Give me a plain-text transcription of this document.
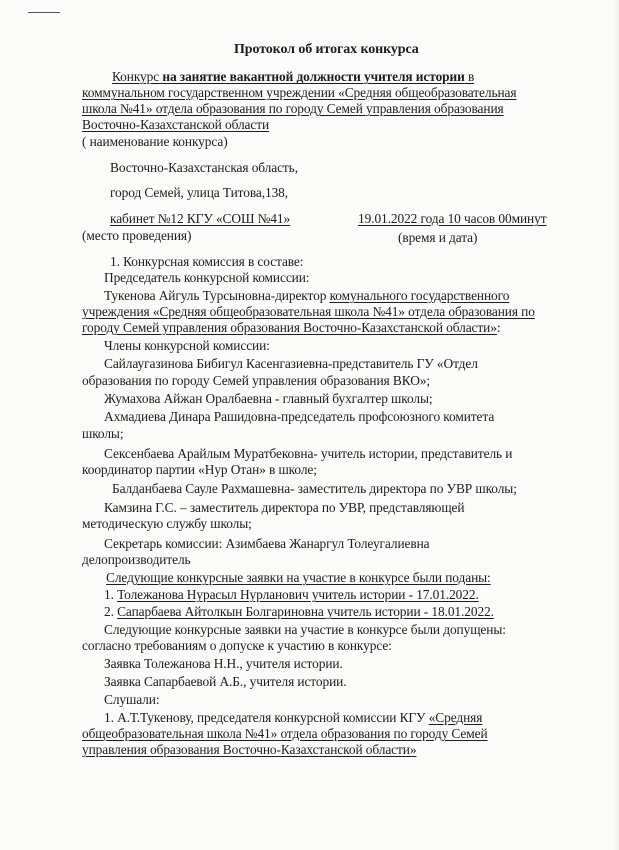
Протокол об итогах конкурса
Конкурс на занятие вакантной должности учителя истории в
коммунальном государственном учреждении «Средняя общеобразовательная
школа №41» отдела образования по городу Семей управления образования
Восточно-Казахстанской области
( наименование конкурса)
Восточно-Казахстанская область,
город Семей, улица Титова,138,
кабинет №12 КГУ «СОШ №41»	19.01.2022 года 10 часов 00минут
(место проведения)	(время и дата)
1. Конкурсная комиссия в составе:
Председатель конкурсной комиссии:
Тукенова Айгуль Турсыновна-директор комунального государственного
учреждения «Средняя общеобразовательная школа №41» отдела образования по
городу Семей управления образования Восточно-Казахстанской области»:
Члены конкурсной комиссии:
Сайлаугазинова Бибигул Касенгазиевна-представитель ГУ «Отдел
образования по городу Семей управления образования ВКО»;
Жумахова Айжан Оралбаевна - главный бухгалтер школы;
Ахмадиева Динара Рашидовна-председатель профсоюзного комитета
школы;
Сексенбаева Арайлым Муратбековна- учитель истории, представитель и
координатор партии «Нур Отан» в школе;
Балданбаева Сауле Рахмашевна- заместитель директора по УВР школы;
Камзина Г.С. – заместитель директора по УВР, представляющей
методическую службу школы;
Секретарь комиссии: Азимбаева Жанаргул Толеугалиевна
делопроизводитель
Следующие конкурсные заявки на участие в конкурсе были поданы:
1. Толежанова Нурасыл Нурланович учитель истории - 17.01.2022.
2. Сапарбаева Айтолкын Болгариновна учитель истории - 18.01.2022.
Следующие конкурсные заявки на участие в конкурсе были допущены:
согласно требованиям о допуске к участию в конкурсе:
Заявка Толежанова Н.Н., учителя истории.
Заявка Сапарбаевой А.Б., учителя истории.
Слушали:
1. А.Т.Тукенову, председателя конкурсной комиссии КГУ «Средняя
общеобразовательная школа №41» отдела образования по городу Семей
управления образования Восточно-Казахстанской области»
